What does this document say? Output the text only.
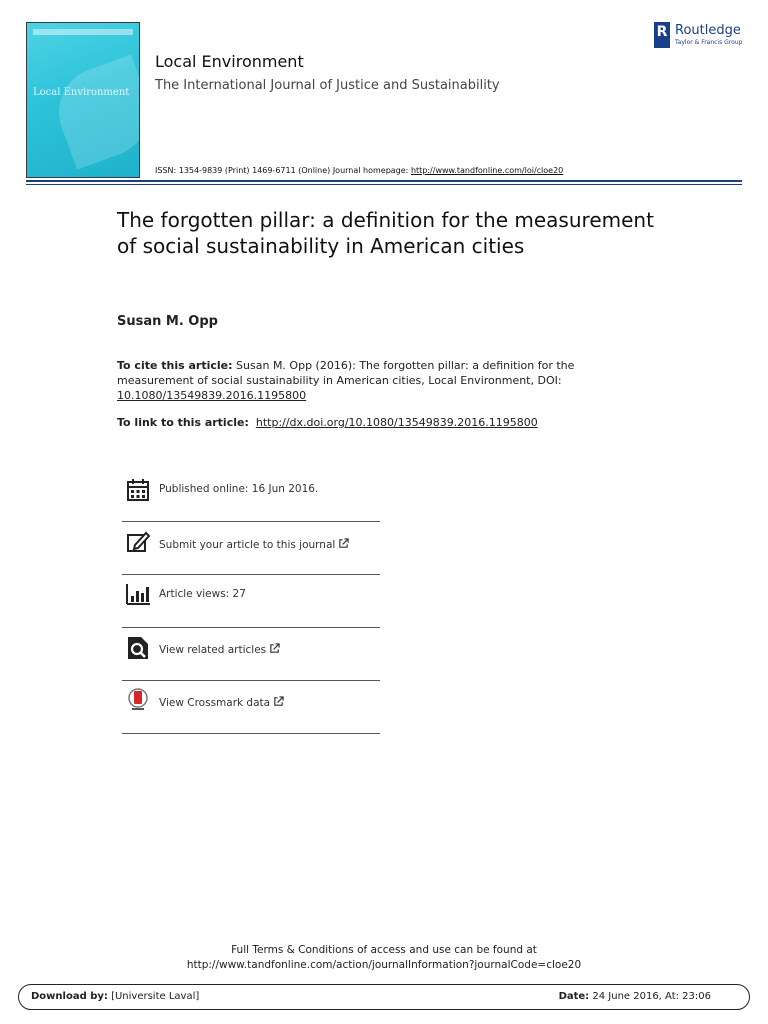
Local Environment
Local Environment
The International Journal of Justice and Sustainability
R Routledge
Taylor & Francis Group
ISSN: 1354-9839 (Print) 1469-6711 (Online) Journal homepage: http://www.tandfonline.com/loi/cloe20
The forgotten pillar: a definition for the measurement of social sustainability in American cities
Susan M. Opp
To cite this article: Susan M. Opp (2016): The forgotten pillar: a definition for the measurement of social sustainability in American cities, Local Environment, DOI:
10.1080/13549839.2016.1195800
To link to this article: http://dx.doi.org/10.1080/13549839.2016.1195800
Published online: 16 Jun 2016.
Submit your article to this journal
Article views: 27
View related articles
View Crossmark data
Full Terms & Conditions of access and use can be found at
http://www.tandfonline.com/action/journalInformation?journalCode=cloe20
Download by: [Universite Laval]	Date: 24 June 2016, At: 23:06
